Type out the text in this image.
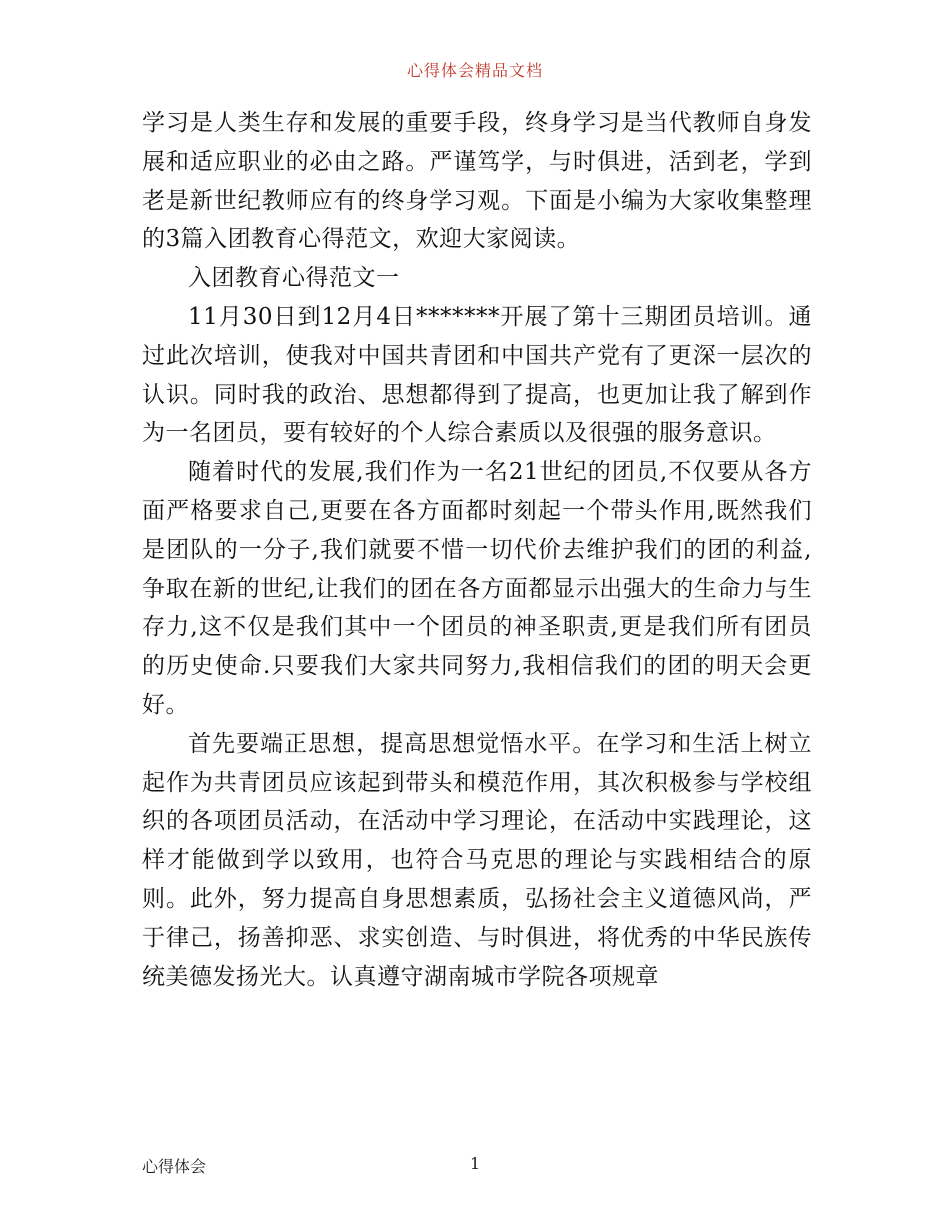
心得体会精品文档

学习是人类生存和发展的重要手段，终身学习是当代教师自身发展和适应职业的必由之路。严谨笃学，与时俱进，活到老，学到老是新世纪教师应有的终身学习观。下面是小编为大家收集整理的3篇入团教育心得范文，欢迎大家阅读。

入团教育心得范文一

11月30日到12月4日*******开展了第十三期团员培训。通过此次培训，使我对中国共青团和中国共产党有了更深一层次的认识。同时我的政治、思想都得到了提高，也更加让我了解到作为一名团员，要有较好的个人综合素质以及很强的服务意识。

随着时代的发展,我们作为一名21世纪的团员,不仅要从各方面严格要求自己,更要在各方面都时刻起一个带头作用,既然我们是团队的一分子,我们就要不惜一切代价去维护我们的团的利益,争取在新的世纪,让我们的团在各方面都显示出强大的生命力与生存力,这不仅是我们其中一个团员的神圣职责,更是我们所有团员的历史使命.只要我们大家共同努力,我相信我们的团的明天会更好。

首先要端正思想，提高思想觉悟水平。在学习和生活上树立起作为共青团员应该起到带头和模范作用，其次积极参与学校组织的各项团员活动，在活动中学习理论，在活动中实践理论，这样才能做到学以致用，也符合马克思的理论与实践相结合的原则。此外，努力提高自身思想素质，弘扬社会主义道德风尚，严于律己，扬善抑恶、求实创造、与时俱进，将优秀的中华民族传统美德发扬光大。认真遵守湖南城市学院各项规章

心得体会	1
